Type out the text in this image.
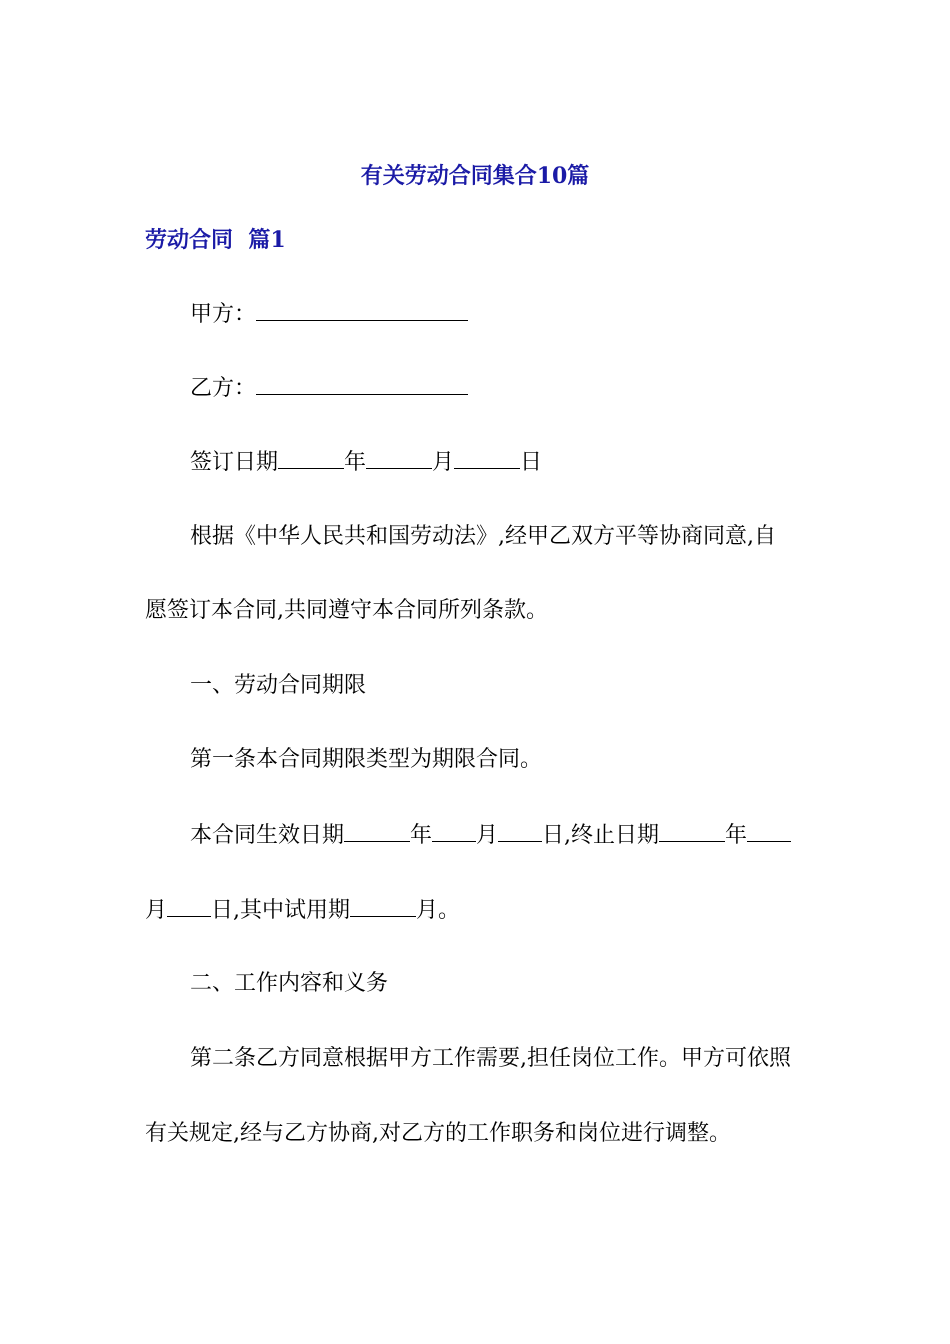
有关劳动合同集合10篇
劳动合同  篇1
甲方：
乙方：
签订日期	年	月	日
根据《中华人民共和国劳动法》,经甲乙双方平等协商同意,自
愿签订本合同,共同遵守本合同所列条款。
一、劳动合同期限
第一条本合同期限类型为期限合同。
本合同生效日期	年 月 日,终止日期	年
月 日,其中试用期	月。
二、工作内容和义务
第二条乙方同意根据甲方工作需要,担任岗位工作。甲方可依照
有关规定,经与乙方协商,对乙方的工作职务和岗位进行调整。
